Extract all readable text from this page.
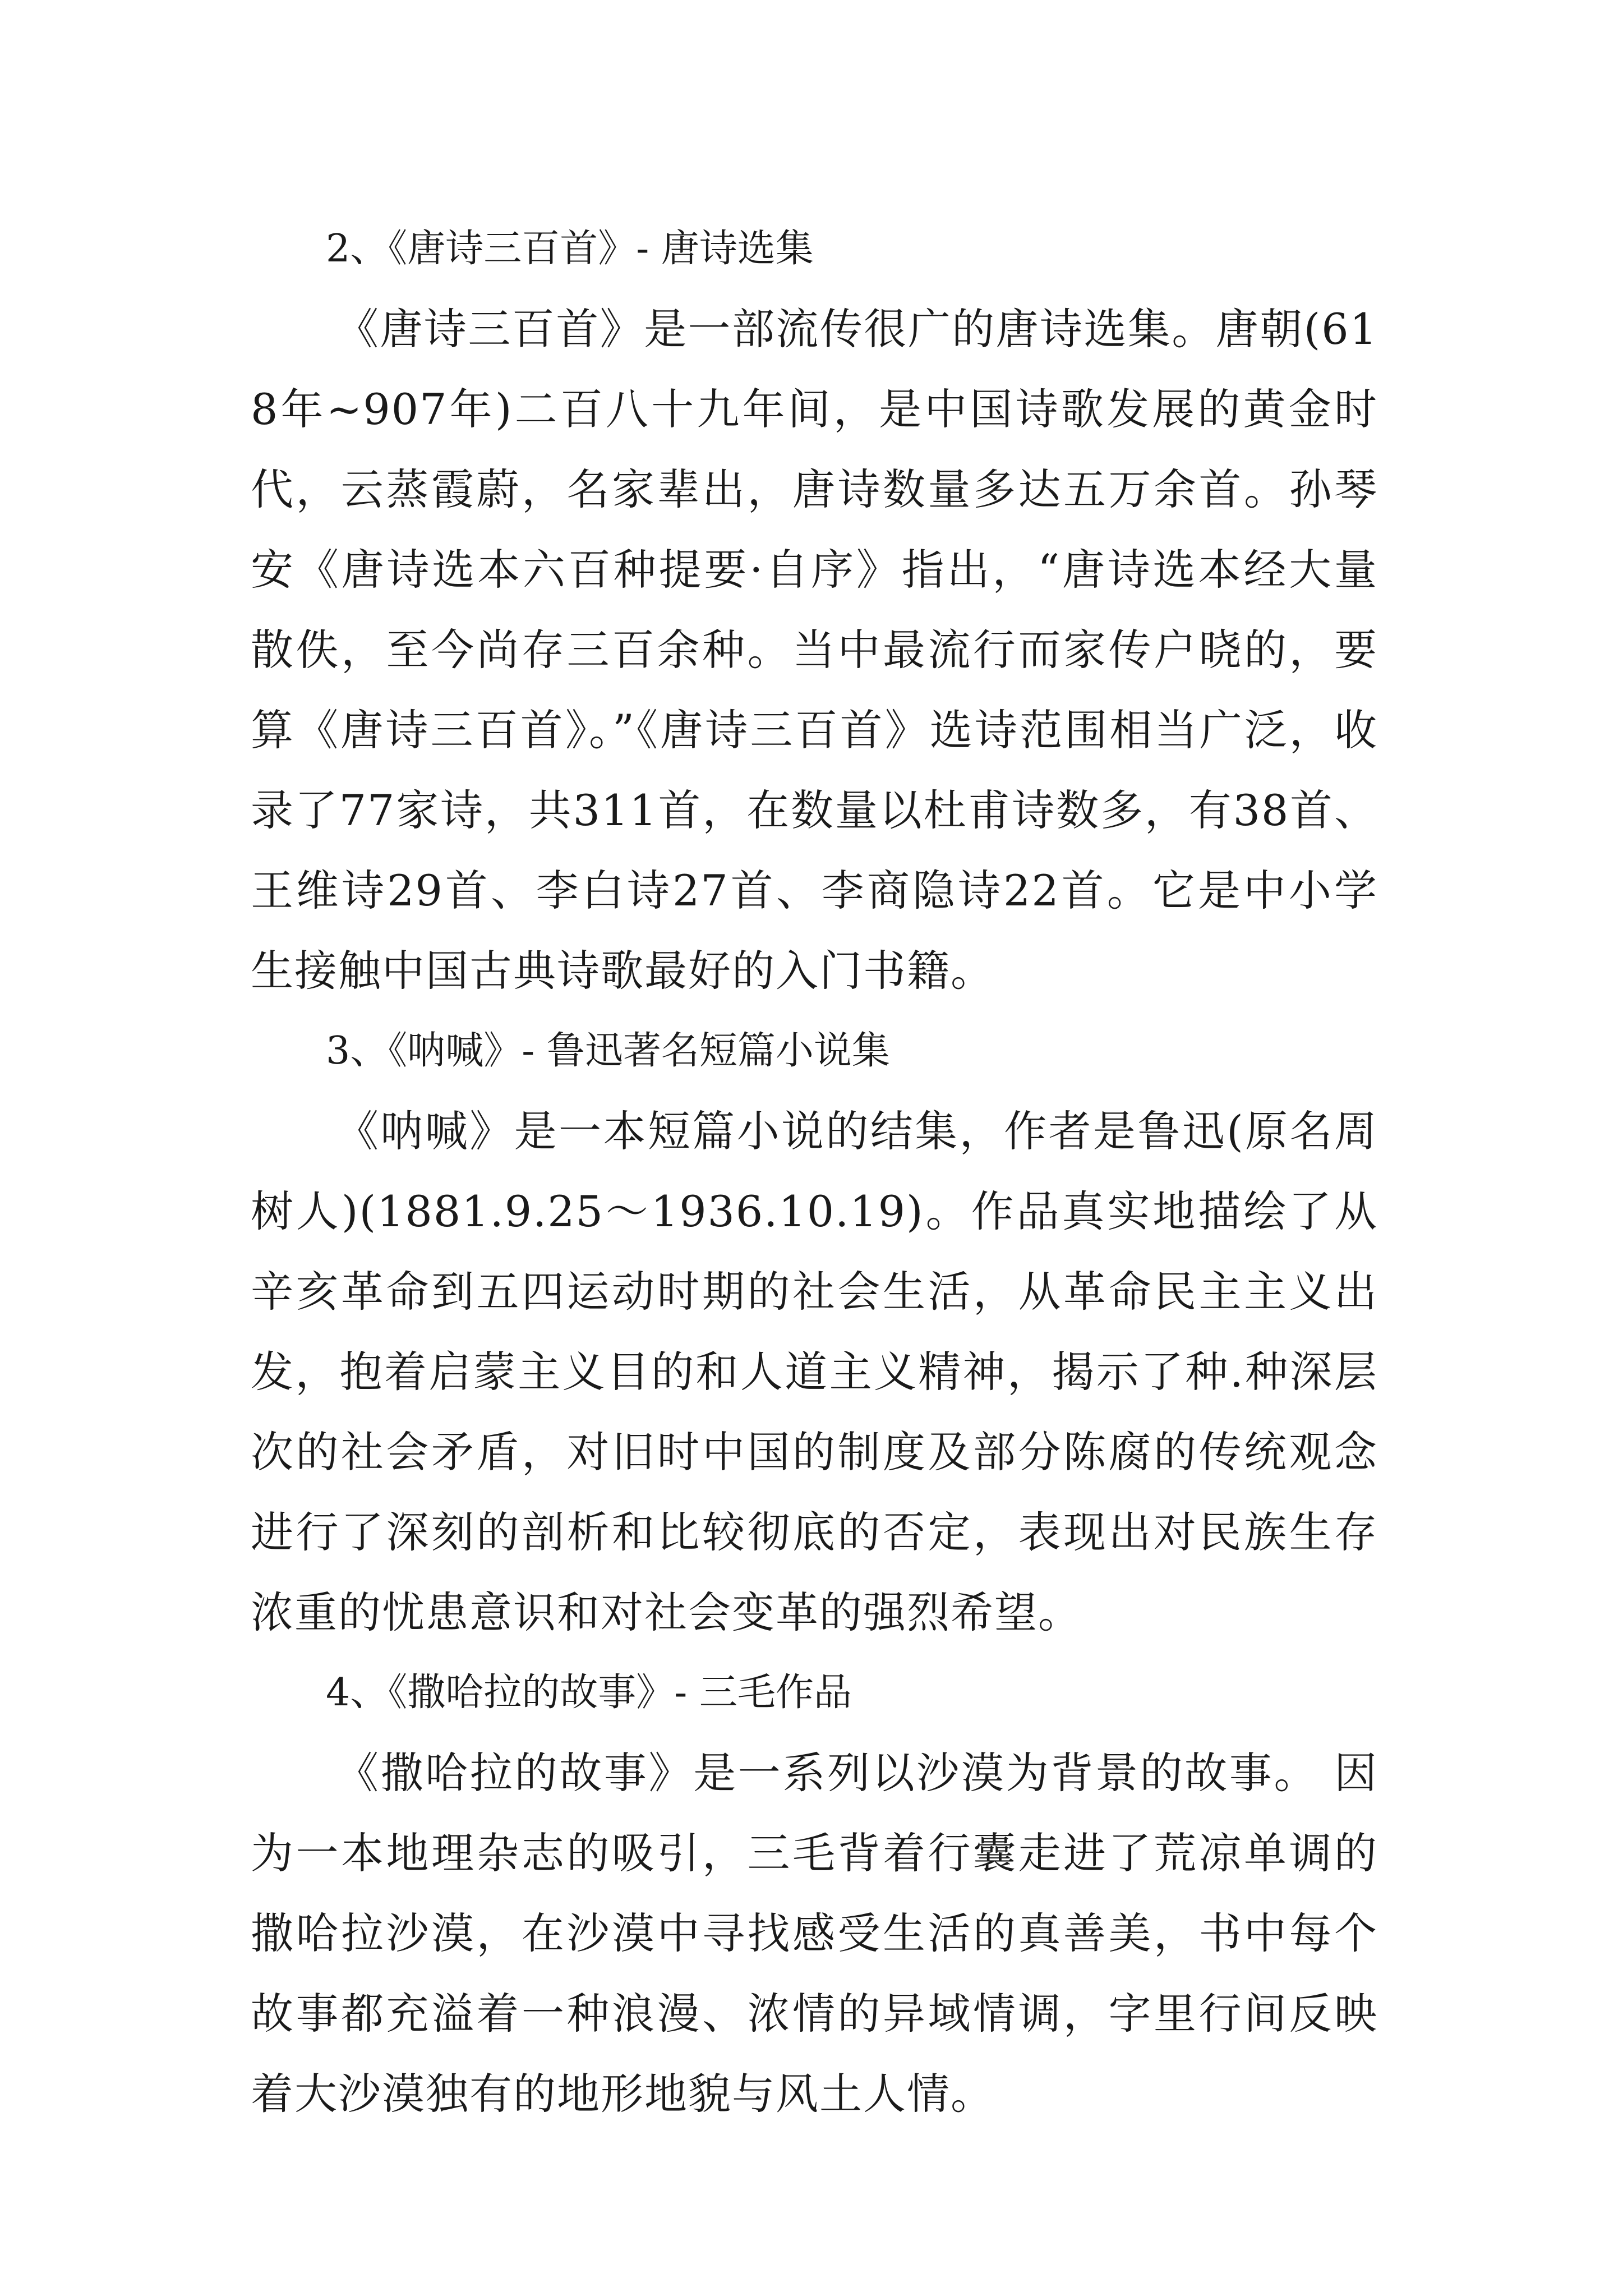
2、《唐诗三百首》- 唐诗选集

《唐诗三百首》是一部流传很广的唐诗选集。唐朝(618年~907年)二百八十九年间，是中国诗歌发展的黄金时代，云蒸霞蔚，名家辈出，唐诗数量多达五万余首。孙琴安《唐诗选本六百种提要·自序》指出，“唐诗选本经大量散佚，至今尚存三百余种。当中最流行而家传户晓的，要算《唐诗三百首》。”《唐诗三百首》选诗范围相当广泛，收录了77家诗，共311首，在数量以杜甫诗数多，有38首、王维诗29首、李白诗27首、李商隐诗22首。它是中小学生接触中国古典诗歌最好的入门书籍。

3、《呐喊》- 鲁迅著名短篇小说集

《呐喊》是一本短篇小说的结集，作者是鲁迅(原名周树人)(1881.9.25～1936.10.19)。作品真实地描绘了从辛亥革命到五四运动时期的社会生活，从革命民主主义出发，抱着启蒙主义目的和人道主义精神，揭示了种.种深层次的社会矛盾，对旧时中国的制度及部分陈腐的传统观念进行了深刻的剖析和比较彻底的否定，表现出对民族生存浓重的忧患意识和对社会变革的强烈希望。

4、《撒哈拉的故事》- 三毛作品

《撒哈拉的故事》是一系列以沙漠为背景的故事。 因为一本地理杂志的吸引，三毛背着行囊走进了荒凉单调的撒哈拉沙漠，在沙漠中寻找感受生活的真善美，书中每个故事都充溢着一种浪漫、浓情的异域情调，字里行间反映着大沙漠独有的地形地貌与风土人情。
